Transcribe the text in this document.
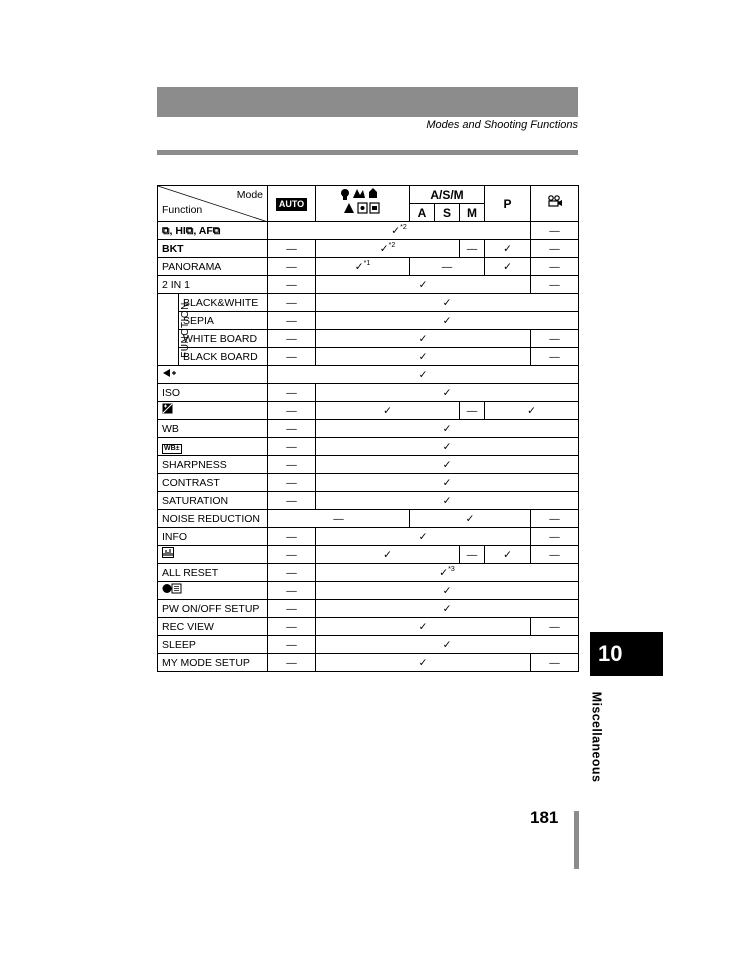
Modes and Shooting Functions
Mode
Function		AUTO		A/S/M			P	
				A	S	M		
⧉, HI⧉, AF⧉		✓$^{*2}$						—
BKT		—	✓$^{*2}$			—	✓	—
PANORAMA		—	✓$^{*1}$	—			✓	—
2 IN 1		—	✓					—
FUNCTION	BLACK&WHITE	—	✓					
	SEPIA	—	✓					
	WHITE BOARD	—	✓					—
	BLACK BOARD	—	✓					—
	✓						
ISO		—	✓					
	—	✓			—	✓	
WB		—	✓					
WB±		—	✓					
SHARPNESS		—	✓					
CONTRAST		—	✓					
SATURATION		—	✓					
NOISE REDUCTION		—		✓				—
INFO		—	✓					—
	—	✓			—	✓	—
ALL RESET		—	✓$^{*3}$
	—	✓					
PW ON/OFF SETUP		—	✓					
REC VIEW		—	✓					—
SLEEP		—	✓					
MY MODE SETUP		—	✓					—	10
Miscellaneous
181
